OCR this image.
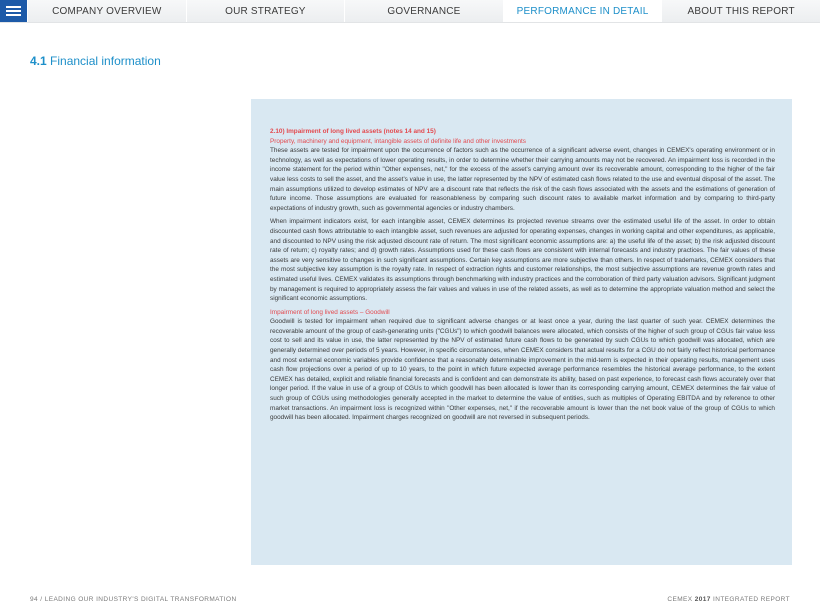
COMPANY OVERVIEW	OUR STRATEGY	GOVERNANCE	PERFORMANCE IN DETAIL	ABOUT THIS REPORT
4.1 Financial information
2.10) Impairment of long lived assets (notes 14 and 15)
Property, machinery and equipment, intangible assets of definite life and other investments

These assets are tested for impairment upon the occurrence of factors such as the occurrence of a significant adverse event, changes in CEMEX's operating environment or in technology, as well as expectations of lower operating results, in order to determine whether their carrying amounts may not be recovered. An impairment loss is recorded in the income statement for the period within "Other expenses, net," for the excess of the asset's carrying amount over its recoverable amount, corresponding to the higher of the fair value less costs to sell the asset, and the asset's value in use, the latter represented by the NPV of estimated cash flows related to the use and eventual disposal of the asset. The main assumptions utilized to develop estimates of NPV are a discount rate that reflects the risk of the cash flows associated with the assets and the estimations of generation of future income. Those assumptions are evaluated for reasonableness by comparing such discount rates to available market information and by comparing to third-party expectations of industry growth, such as governmental agencies or industry chambers.

When impairment indicators exist, for each intangible asset, CEMEX determines its projected revenue streams over the estimated useful life of the asset. In order to obtain discounted cash flows attributable to each intangible asset, such revenues are adjusted for operating expenses, changes in working capital and other expenditures, as applicable, and discounted to NPV using the risk adjusted discount rate of return. The most significant economic assumptions are: a) the useful life of the asset; b) the risk adjusted discount rate of return; c) royalty rates; and d) growth rates. Assumptions used for these cash flows are consistent with internal forecasts and industry practices. The fair values of these assets are very sensitive to changes in such significant assumptions. Certain key assumptions are more subjective than others. In respect of trademarks, CEMEX considers that the most subjective key assumption is the royalty rate. In respect of extraction rights and customer relationships, the most subjective assumptions are revenue growth rates and estimated useful lives. CEMEX validates its assumptions through benchmarking with industry practices and the corroboration of third party valuation advisors. Significant judgment by management is required to appropriately assess the fair values and values in use of the related assets, as well as to determine the appropriate valuation method and select the significant economic assumptions.

Impairment of long lived assets – Goodwill

Goodwill is tested for impairment when required due to significant adverse changes or at least once a year, during the last quarter of such year. CEMEX determines the recoverable amount of the group of cash-generating units ("CGUs") to which goodwill balances were allocated, which consists of the higher of such group of CGUs fair value less cost to sell and its value in use, the latter represented by the NPV of estimated future cash flows to be generated by such CGUs to which goodwill was allocated, which are generally determined over periods of 5 years. However, in specific circumstances, when CEMEX considers that actual results for a CGU do not fairly reflect historical performance and most external economic variables provide confidence that a reasonably determinable improvement in the mid-term is expected in their operating results, management uses cash flow projections over a period of up to 10 years, to the point in which future expected average performance resembles the historical average performance, to the extent CEMEX has detailed, explicit and reliable financial forecasts and is confident and can demonstrate its ability, based on past experience, to forecast cash flows accurately over that longer period. If the value in use of a group of CGUs to which goodwill has been allocated is lower than its corresponding carrying amount, CEMEX determines the fair value of such group of CGUs using methodologies generally accepted in the market to determine the value of entities, such as multiples of Operating EBITDA and by reference to other market transactions. An impairment loss is recognized within "Other expenses, net," if the recoverable amount is lower than the net book value of the group of CGUs to which goodwill has been allocated. Impairment charges recognized on goodwill are not reversed in subsequent periods.

94 / LEADING OUR INDUSTRY'S DIGITAL TRANSFORMATION	CEMEX 2017 INTEGRATED REPORT
